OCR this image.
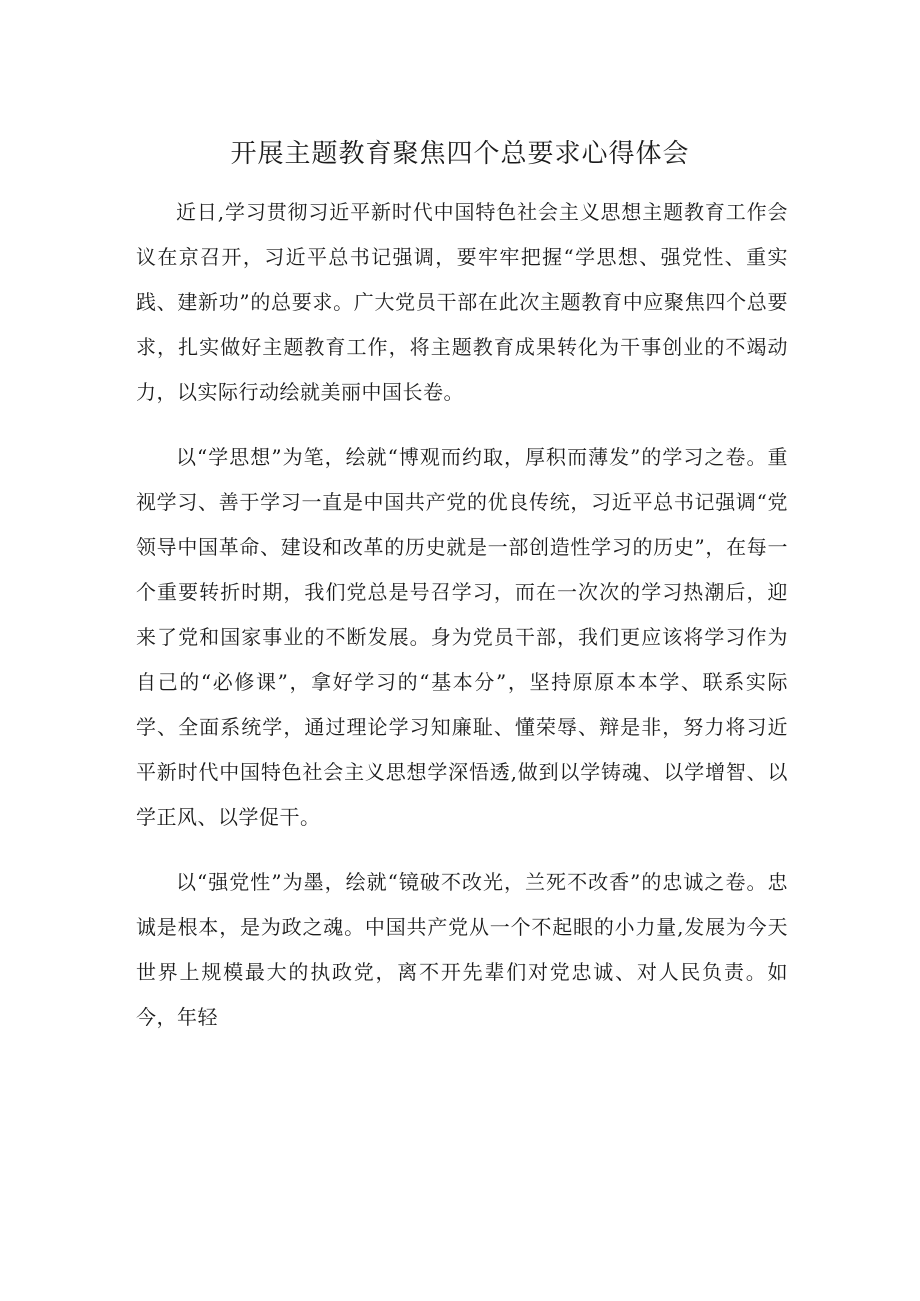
开展主题教育聚焦四个总要求心得体会

近日,学习贯彻习近平新时代中国特色社会主义思想主题教育工作会议在京召开，习近平总书记强调，要牢牢把握“学思想、强党性、重实践、建新功”的总要求。广大党员干部在此次主题教育中应聚焦四个总要求，扎实做好主题教育工作，将主题教育成果转化为干事创业的不竭动力，以实际行动绘就美丽中国长卷。

以“学思想”为笔，绘就“博观而约取，厚积而薄发”的学习之卷。重视学习、善于学习一直是中国共产党的优良传统，习近平总书记强调“党领导中国革命、建设和改革的历史就是一部创造性学习的历史”，在每一个重要转折时期，我们党总是号召学习，而在一次次的学习热潮后，迎来了党和国家事业的不断发展。身为党员干部，我们更应该将学习作为自己的“必修课”，拿好学习的“基本分”，坚持原原本本学、联系实际学、全面系统学，通过理论学习知廉耻、懂荣辱、辩是非，努力将习近平新时代中国特色社会主义思想学深悟透,做到以学铸魂、以学增智、以学正风、以学促干。

以“强党性”为墨，绘就“镜破不改光，兰死不改香”的忠诚之卷。忠诚是根本，是为政之魂。中国共产党从一个不起眼的小力量,发展为今天世界上规模最大的执政党，离不开先辈们对党忠诚、对人民负责。如今，年轻
